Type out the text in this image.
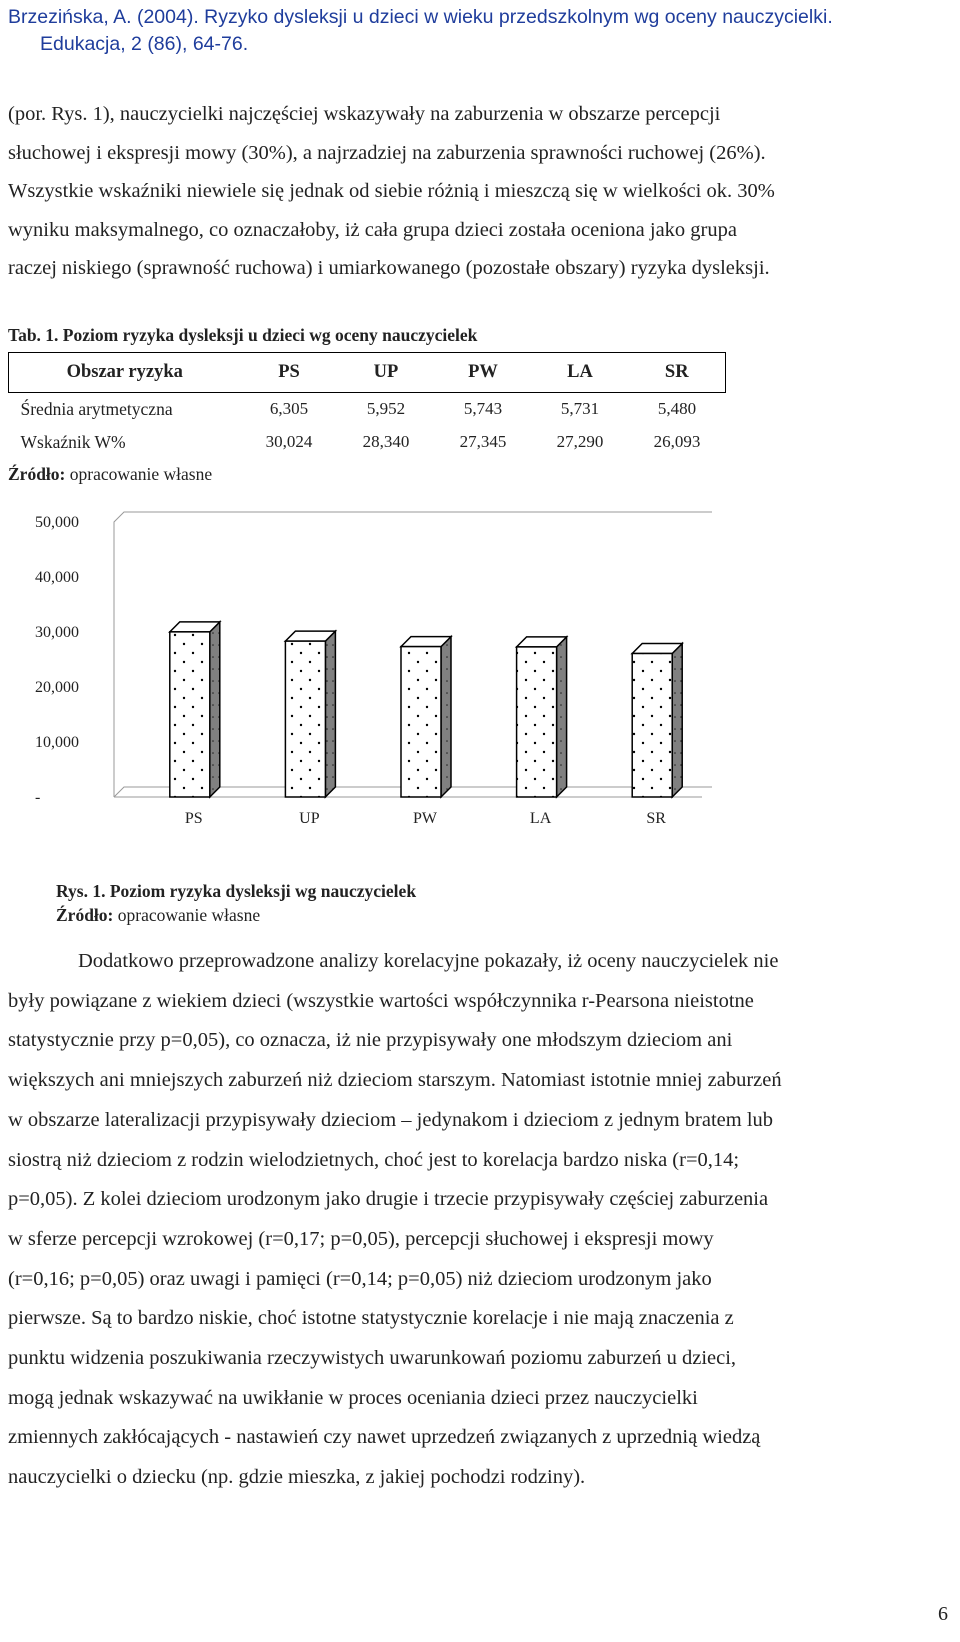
Brzezińska, A. (2004). Ryzyko dysleksji u dzieci w wieku przedszkolnym wg oceny nauczycielki.
Edukacja, 2 (86), 64-76.
(por. Rys. 1), nauczycielki najczęściej wskazywały na zaburzenia w obszarze percepcji
słuchowej i ekspresji mowy (30%), a najrzadziej na zaburzenia sprawności ruchowej (26%).
Wszystkie wskaźniki niewiele się jednak od siebie różnią i mieszczą się w wielkości ok. 30%
wyniku maksymalnego, co oznaczałoby, iż cała grupa dzieci została oceniona jako grupa
raczej niskiego (sprawność ruchowa) i umiarkowanego (pozostałe obszary) ryzyka dysleksji.
Tab. 1. Poziom ryzyka dysleksji u dzieci wg oceny nauczycielek
Obszar ryzyka	PS	UP	PW	LA	SR
Średnia arytmetyczna	6,305	5,952	5,743	5,731	5,480
Wskaźnik W%	30,024	28,340	27,345	27,290	26,093
Źródło: opracowanie własne
-
10,000
20,000
30,000
40,000
50,000
PS	UP	PW	LA	SR
Rys. 1. Poziom ryzyka dysleksji wg nauczycielek
Źródło: opracowanie własne
Dodatkowo przeprowadzone analizy korelacyjne pokazały, iż oceny nauczycielek nie
były powiązane z wiekiem dzieci (wszystkie wartości współczynnika r-Pearsona nieistotne
statystycznie przy p=0,05), co oznacza, iż nie przypisywały one młodszym dzieciom ani
większych ani mniejszych zaburzeń niż dzieciom starszym. Natomiast istotnie mniej zaburzeń
w obszarze lateralizacji przypisywały dzieciom – jedynakom i dzieciom z jednym bratem lub
siostrą niż dzieciom z rodzin wielodzietnych, choć jest to korelacja bardzo niska (r=0,14;
p=0,05). Z kolei dzieciom urodzonym jako drugie i trzecie przypisywały częściej zaburzenia
w sferze percepcji wzrokowej (r=0,17; p=0,05), percepcji słuchowej i ekspresji mowy
(r=0,16; p=0,05) oraz uwagi i pamięci (r=0,14; p=0,05) niż dzieciom urodzonym jako
pierwsze. Są to bardzo niskie, choć istotne statystycznie korelacje i nie mają znaczenia z
punktu widzenia poszukiwania rzeczywistych uwarunkowań poziomu zaburzeń u dzieci,
mogą jednak wskazywać na uwikłanie w proces oceniania dzieci przez nauczycielki
zmiennych zakłócających - nastawień czy nawet uprzedzeń związanych z uprzednią wiedzą
nauczycielki o dziecku (np. gdzie mieszka, z jakiej pochodzi rodziny).
6
